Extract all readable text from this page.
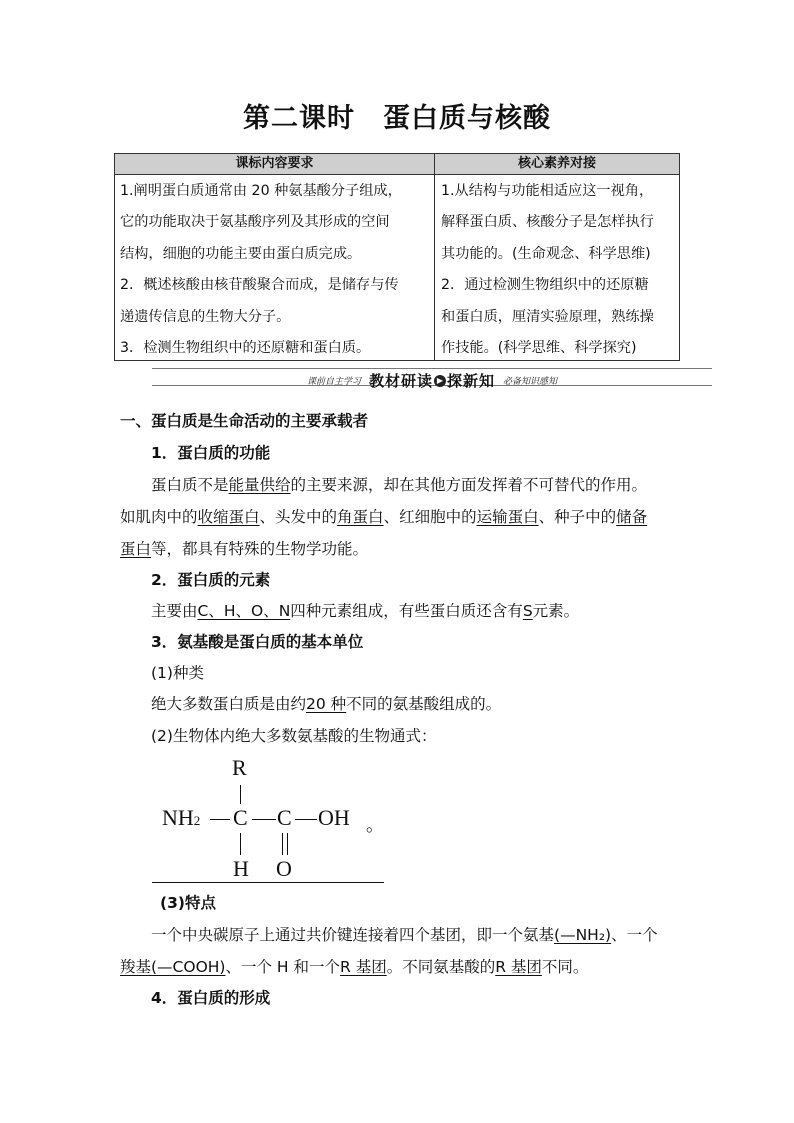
第二课时　蛋白质与核酸
课标内容要求
1.阐明蛋白质通常由 20 种氨基酸分子组成，
它的功能取决于氨基酸序列及其形成的空间
结构，细胞的功能主要由蛋白质完成。
2．概述核酸由核苷酸聚合而成，是储存与传
递遗传信息的生物大分子。
3．检测生物组织中的还原糖和蛋白质。
核心素养对接
1.从结构与功能相适应这一视角，
解释蛋白质、核酸分子是怎样执行
其功能的。(生命观念、科学思维)
2．通过检测生物组织中的还原糖
和蛋白质，厘清实验原理，熟练操
作技能。(科学思维、科学探究)
课前自主学习 教材研读 ▶ 探新知 必备知识感知
一、蛋白质是生命活动的主要承载者
1．蛋白质的功能
蛋白质不是能量供给的主要来源，却在其他方面发挥着不可替代的作用。
如肌肉中的收缩蛋白、头发中的角蛋白、红细胞中的运输蛋白、种子中的储备
蛋白等，都具有特殊的生物学功能。
2．蛋白质的元素
主要由C、H、O、N四种元素组成，有些蛋白质还含有S元素。
3．氨基酸是蛋白质的基本单位
(1)种类
绝大多数蛋白质是由约20 种不同的氨基酸组成的。
(2)生物体内绝大多数氨基酸的生物通式：
R
NH2 C C OH 。
H O
(3)特点
一个中央碳原子上通过共价键连接着四个基团，即一个氨基(—NH₂)、一个
羧基(—COOH)、一个 H 和一个R 基团。不同氨基酸的R 基团不同。
4．蛋白质的形成
